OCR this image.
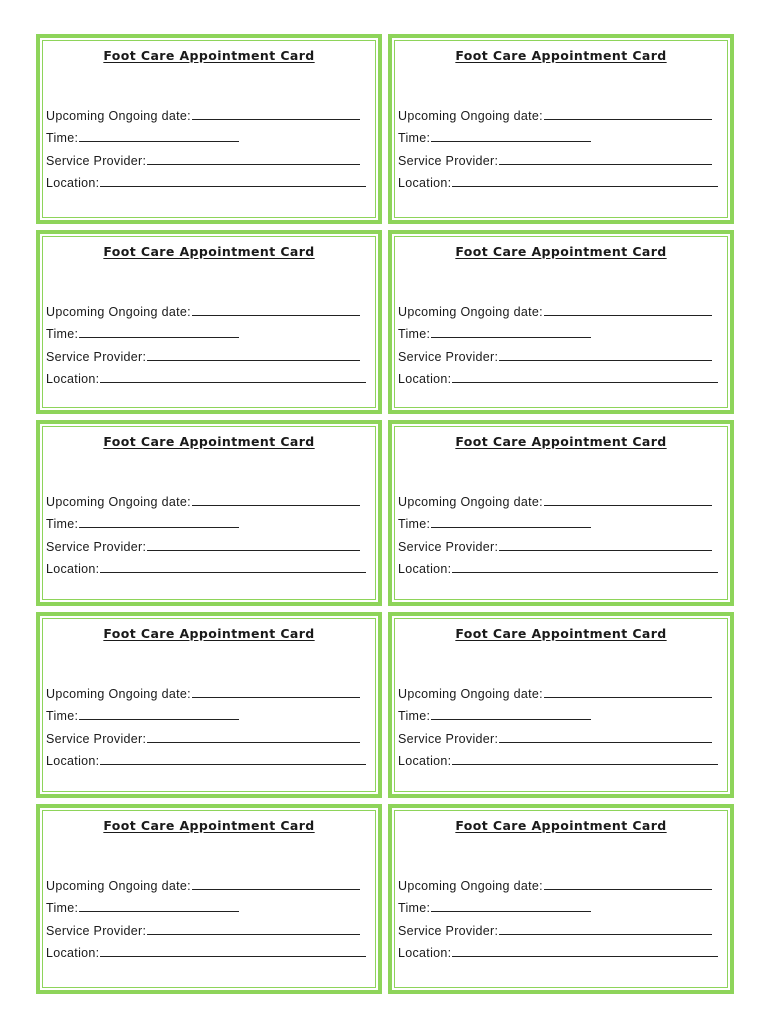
Foot Care Appointment Card
Upcoming Ongoing date:
Time:
Service Provider:
Location:
Foot Care Appointment Card
Upcoming Ongoing date:
Time:
Service Provider:
Location:
Foot Care Appointment Card
Upcoming Ongoing date:
Time:
Service Provider:
Location:
Foot Care Appointment Card
Upcoming Ongoing date:
Time:
Service Provider:
Location:
Foot Care Appointment Card
Upcoming Ongoing date:
Time:
Service Provider:
Location:
Foot Care Appointment Card
Upcoming Ongoing date:
Time:
Service Provider:
Location:
Foot Care Appointment Card
Upcoming Ongoing date:
Time:
Service Provider:
Location:
Foot Care Appointment Card
Upcoming Ongoing date:
Time:
Service Provider:
Location:
Foot Care Appointment Card
Upcoming Ongoing date:
Time:
Service Provider:
Location:
Foot Care Appointment Card
Upcoming Ongoing date:
Time:
Service Provider:
Location:
